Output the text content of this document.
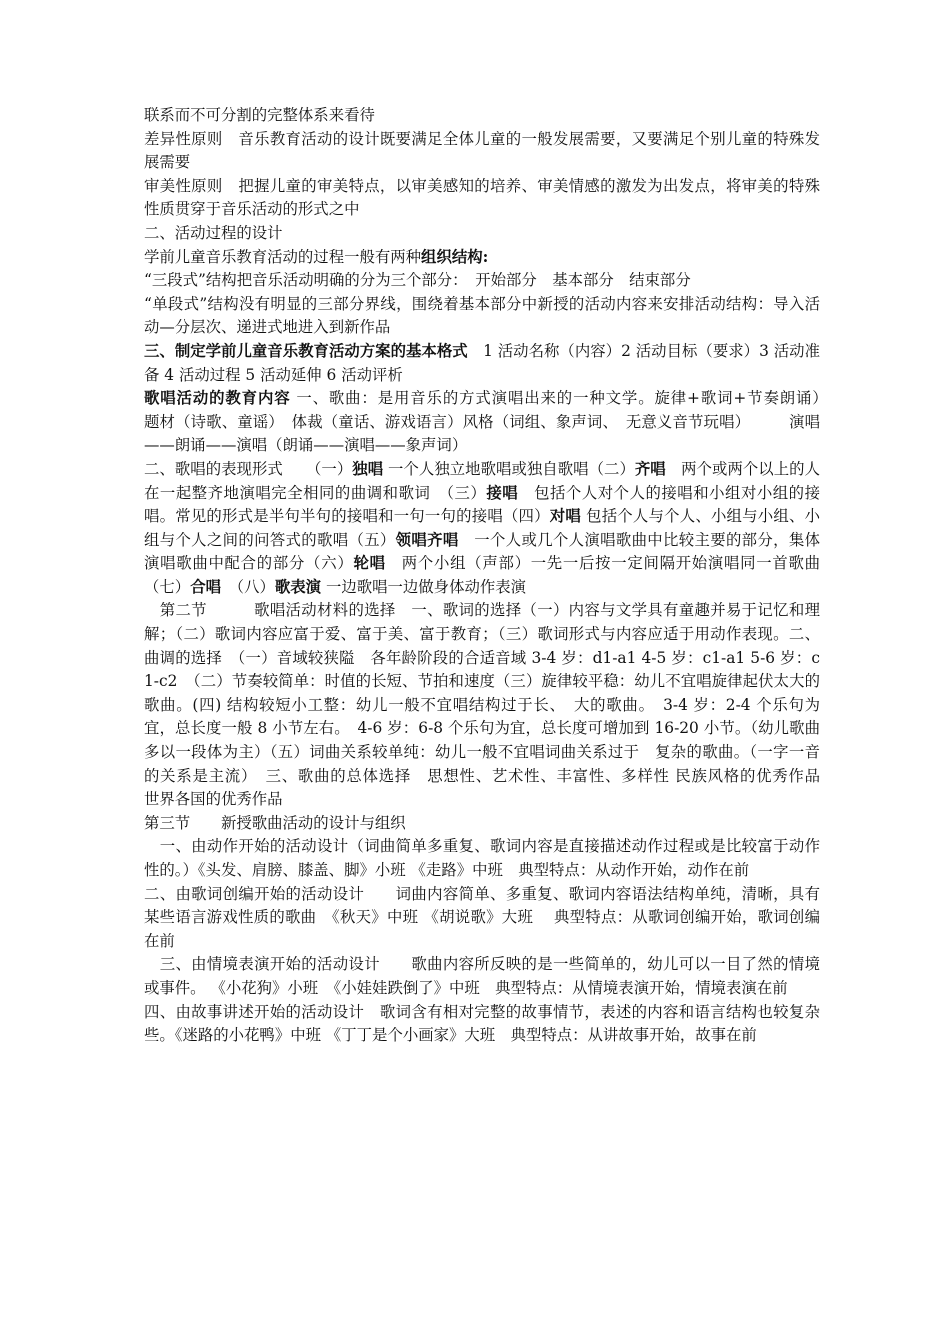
联系而不可分割的完整体系来看待

差异性原则　音乐教育活动的设计既要满足全体儿童的一般发展需要，又要满足个别儿童的特殊发展需要

审美性原则　把握儿童的审美特点，以审美感知的培养、审美情感的激发为出发点，将审美的特殊性质贯穿于音乐活动的形式之中

二、活动过程的设计

学前儿童音乐教育活动的过程一般有两种组织结构:

“三段式”结构把音乐活动明确的分为三个部分：　开始部分　基本部分　结束部分

“单段式”结构没有明显的三部分界线，围绕着基本部分中新授的活动内容来安排活动结构：导入活动—分层次、递进式地进入到新作品

三、制定学前儿童音乐教育活动方案的基本格式　1 活动名称（内容）2 活动目标（要求）3 活动准备 4 活动过程 5 活动延伸 6 活动评析

歌唱活动的教育内容 一、歌曲：是用音乐的方式演唱出来的一种文学。旋律+歌词+节奏朗诵）　　题材（诗歌、童谣）　体裁（童话、游戏语言）风格（词组、象声词、　无意义音节玩唱）　　　演唱——朗诵——演唱（朗诵——演唱——象声词）

二、歌唱的表现形式　　（一）独唱 一个人独立地歌唱或独自歌唱（二）齐唱　两个或两个以上的人在一起整齐地演唱完全相同的曲调和歌词　（三）接唱　包括个人对个人的接唱和小组对小组的接唱。常见的形式是半句半句的接唱和一句一句的接唱（四）对唱 包括个人与个人、小组与小组、小组与个人之间的问答式的歌唱（五）领唱齐唱　一个人或几个人演唱歌曲中比较主要的部分，集体演唱歌曲中配合的部分（六）轮唱　两个小组（声部）一先一后按一定间隔开始演唱同一首歌曲（七）合唱　（八）歌表演 一边歌唱一边做身体动作表演

　第二节　　　歌唱活动材料的选择　一、歌词的选择（一）内容与文学具有童趣并易于记忆和理解；（二）歌词内容应富于爱、富于美、富于教育；（三）歌词形式与内容应适于用动作表现。二、曲调的选择　（一）音域较狭隘　各年龄阶段的合适音域 3-4 岁：d1-a1 4-5 岁：c1-a1 5-6 岁：c1-c2　（二）节奏较简单：时值的长短、节拍和速度（三）旋律较平稳：幼儿不宜唱旋律起伏太大的歌曲。(四) 结构较短小工整：幼儿一般不宜唱结构过于长、　大的歌曲。　3-4 岁：2-4 个乐句为宜，总长度一般 8 小节左右。　4-6 岁：6-8 个乐句为宜，总长度可增加到 16-20 小节。（幼儿歌曲多以一段体为主）（五）词曲关系较单纯：幼儿一般不宜唱词曲关系过于　复杂的歌曲。（一字一音的关系是主流）　三、歌曲的总体选择　思想性、艺术性、丰富性、多样性 民族风格的优秀作品　 世界各国的优秀作品

第三节　　新授歌曲活动的设计与组织

　一、由动作开始的活动设计（词曲简单多重复、歌词内容是直接描述动作过程或是比较富于动作性的。）《头发、肩膀、膝盖、脚》小班 《走路》中班　典型特点：从动作开始，动作在前

二、由歌词创编开始的活动设计　　词曲内容简单、多重复、歌词内容语法结构单纯，清晰，具有某些语言游戏性质的歌曲　《秋天》中班 《胡说歌》大班　 典型特点：从歌词创编开始，歌词创编在前

　三、由情境表演开始的活动设计　　歌曲内容所反映的是一些简单的，幼儿可以一目了然的情境或事件。 《小花狗》小班　《小娃娃跌倒了》中班　典型特点：从情境表演开始，情境表演在前

四、由故事讲述开始的活动设计　歌词含有相对完整的故事情节，表述的内容和语言结构也较复杂些。《迷路的小花鸭》中班 《丁丁是个小画家》大班　典型特点：从讲故事开始，故事在前
